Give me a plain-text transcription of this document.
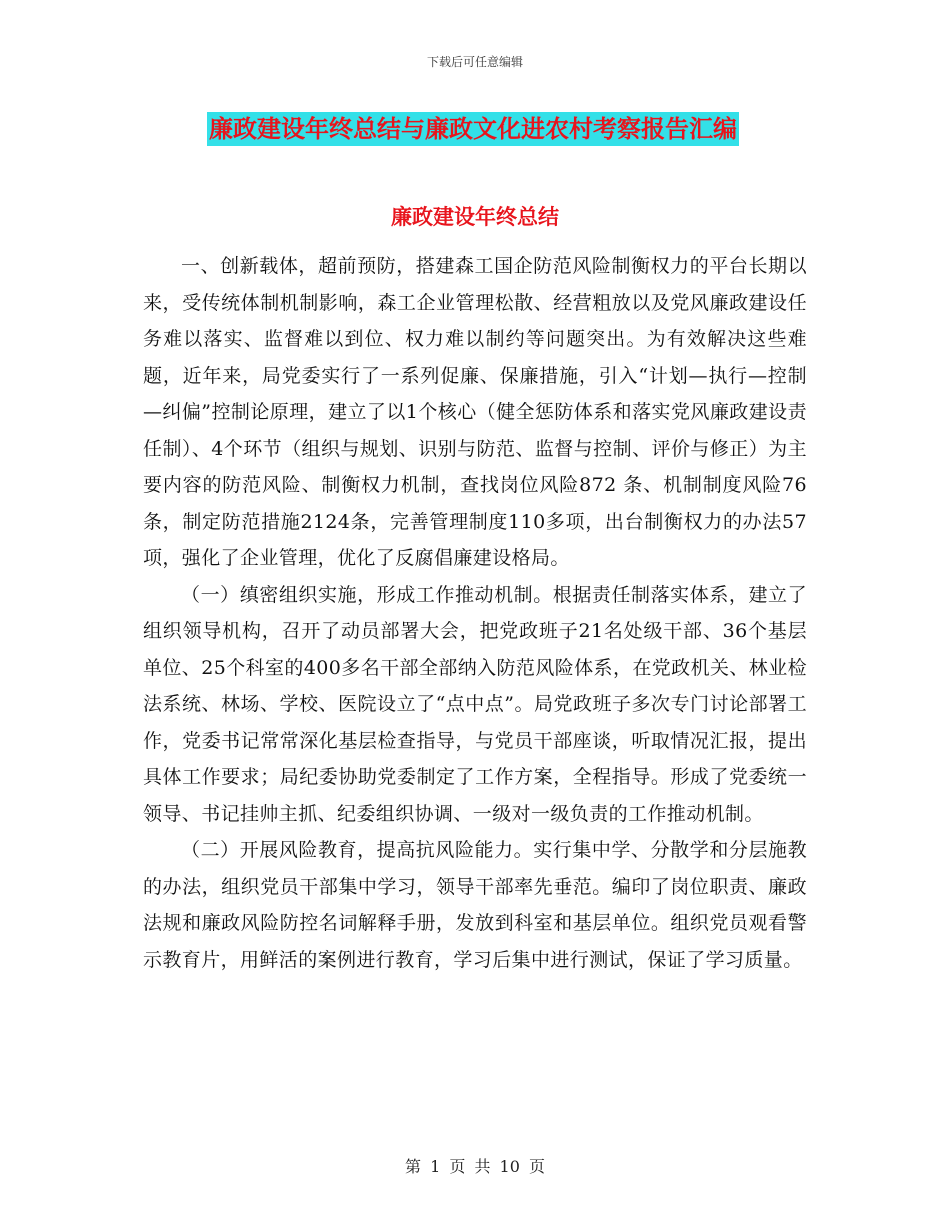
下载后可任意编辑
廉政建设年终总结与廉政文化进农村考察报告汇编
廉政建设年终总结

一、创新载体，超前预防，搭建森工国企防范风险制衡权力的平台长期以来，受传统体制机制影响，森工企业管理松散、经营粗放以及党风廉政建设任务难以落实、监督难以到位、权力难以制约等问题突出。为有效解决这些难题，近年来，局党委实行了一系列促廉、保廉措施，引入“计划—执行—控制—纠偏”控制论原理，建立了以1个核心（健全惩防体系和落实党风廉政建设责任制）、4个环节（组织与规划、识别与防范、监督与控制、评价与修正）为主要内容的防范风险、制衡权力机制，查找岗位风险872 条、机制制度风险76条，制定防范措施2124条，完善管理制度110多项，出台制衡权力的办法57项，强化了企业管理，优化了反腐倡廉建设格局。

（一）缜密组织实施，形成工作推动机制。根据责任制落实体系，建立了组织领导机构，召开了动员部署大会，把党政班子21名处级干部、36个基层单位、25个科室的400多名干部全部纳入防范风险体系，在党政机关、林业检法系统、林场、学校、医院设立了“点中点”。局党政班子多次专门讨论部署工作，党委书记常常深化基层检查指导，与党员干部座谈，听取情况汇报，提出具体工作要求；局纪委协助党委制定了工作方案，全程指导。形成了党委统一领导、书记挂帅主抓、纪委组织协调、一级对一级负责的工作推动机制。

（二）开展风险教育，提高抗风险能力。实行集中学、分散学和分层施教的办法，组织党员干部集中学习，领导干部率先垂范。编印了岗位职责、廉政法规和廉政风险防控名词解释手册，发放到科室和基层单位。组织党员观看警示教育片，用鲜活的案例进行教育，学习后集中进行测试，保证了学习质量。

第 1 页 共 10 页
